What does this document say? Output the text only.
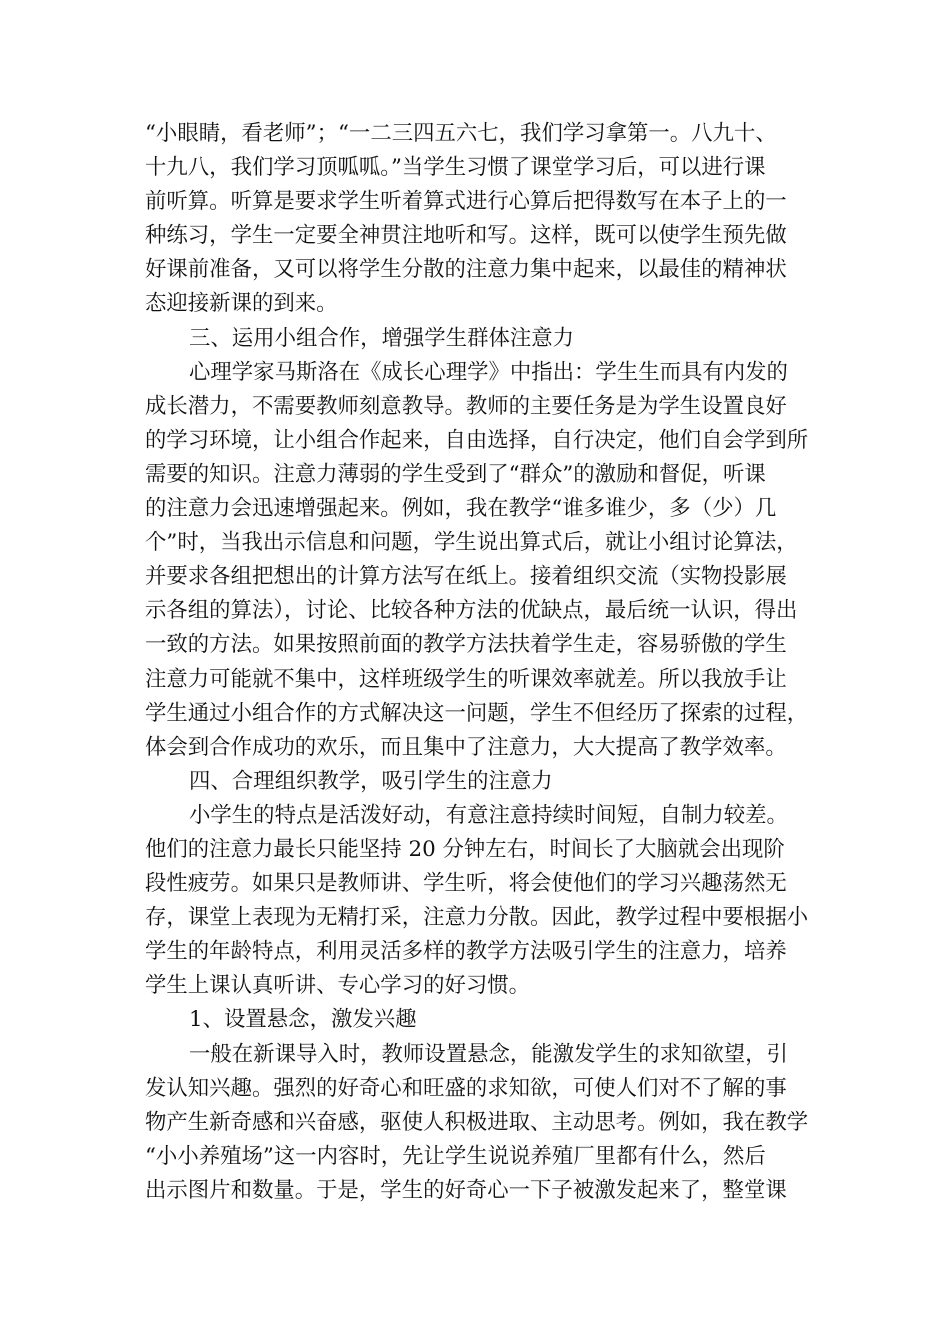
“小眼睛，看老师”；“一二三四五六七，我们学习拿第一。八九十、
十九八，我们学习顶呱呱。”当学生习惯了课堂学习后，可以进行课
前听算。听算是要求学生听着算式进行心算后把得数写在本子上的一
种练习，学生一定要全神贯注地听和写。这样，既可以使学生预先做
好课前准备，又可以将学生分散的注意力集中起来，以最佳的精神状
态迎接新课的到来。
三、运用小组合作，增强学生群体注意力
心理学家马斯洛在《成长心理学》中指出：学生生而具有内发的
成长潜力，不需要教师刻意教导。教师的主要任务是为学生设置良好
的学习环境，让小组合作起来，自由选择，自行决定，他们自会学到所
需要的知识。注意力薄弱的学生受到了“群众”的激励和督促，听课
的注意力会迅速增强起来。例如，我在教学“谁多谁少，多（少）几
个”时，当我出示信息和问题，学生说出算式后，就让小组讨论算法，
并要求各组把想出的计算方法写在纸上。接着组织交流（实物投影展
示各组的算法），讨论、比较各种方法的优缺点，最后统一认识，得出
一致的方法。如果按照前面的教学方法扶着学生走，容易骄傲的学生
注意力可能就不集中，这样班级学生的听课效率就差。所以我放手让
学生通过小组合作的方式解决这一问题，学生不但经历了探索的过程，
体会到合作成功的欢乐，而且集中了注意力，大大提高了教学效率。
四、合理组织教学，吸引学生的注意力
小学生的特点是活泼好动，有意注意持续时间短，自制力较差。
他们的注意力最长只能坚持 20 分钟左右，时间长了大脑就会出现阶
段性疲劳。如果只是教师讲、学生听，将会使他们的学习兴趣荡然无
存，课堂上表现为无精打采，注意力分散。因此，教学过程中要根据小
学生的年龄特点，利用灵活多样的教学方法吸引学生的注意力，培养
学生上课认真听讲、专心学习的好习惯。
1、设置悬念，激发兴趣
一般在新课导入时，教师设置悬念，能激发学生的求知欲望，引
发认知兴趣。强烈的好奇心和旺盛的求知欲，可使人们对不了解的事
物产生新奇感和兴奋感，驱使人积极进取、主动思考。例如，我在教学
“小小养殖场”这一内容时，先让学生说说养殖厂里都有什么，然后
出示图片和数量。于是，学生的好奇心一下子被激发起来了，整堂课
